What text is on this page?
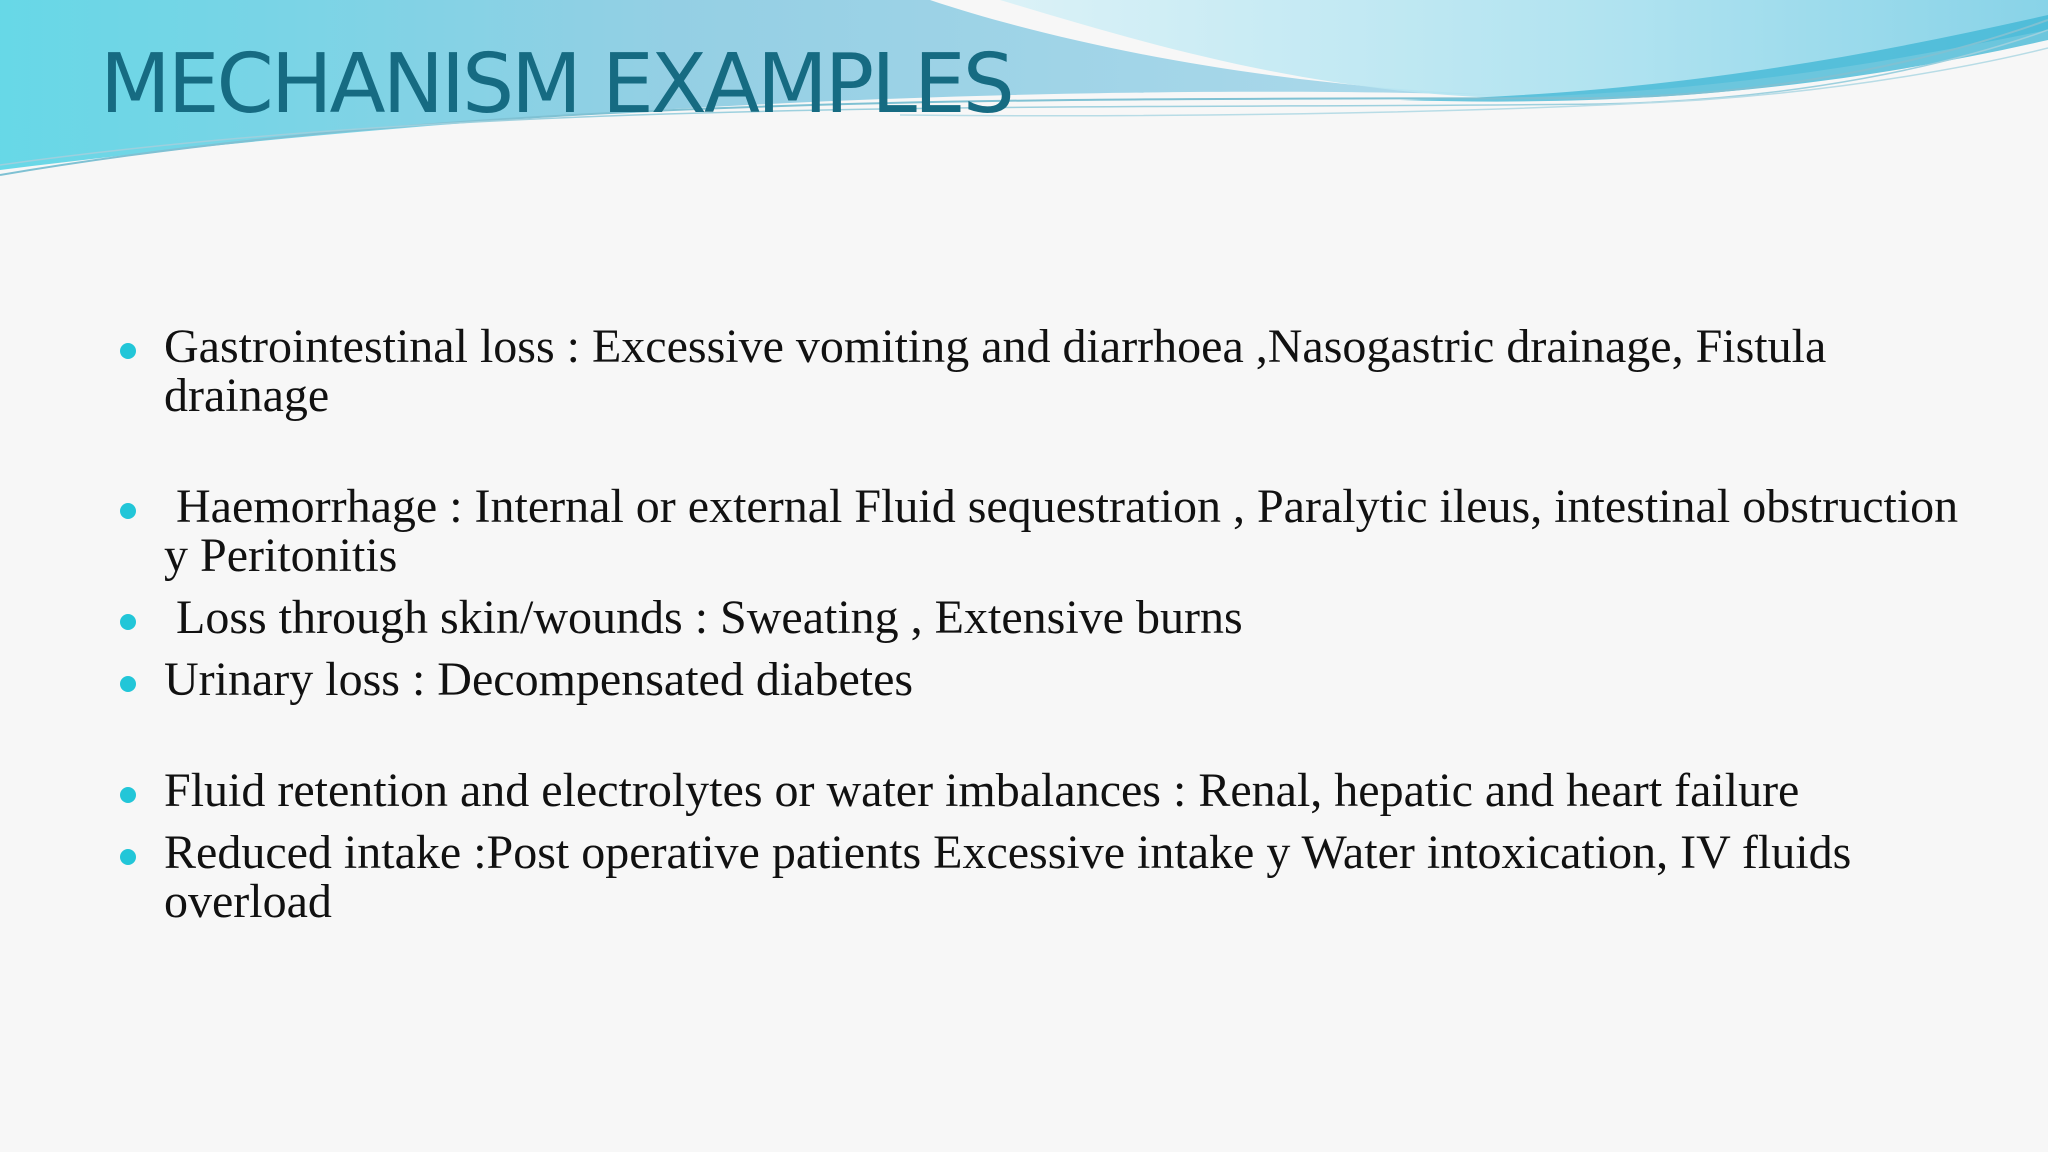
MECHANISM EXAMPLES
Gastrointestinal loss : Excessive vomiting and diarrhoea ,Nasogastric drainage, Fistula drainage
Haemorrhage : Internal or external Fluid sequestration , Paralytic ileus, intestinal obstruction y Peritonitis
Loss through skin/wounds : Sweating , Extensive burns
Urinary loss : Decompensated diabetes
Fluid retention and electrolytes or water imbalances : Renal, hepatic and heart failure
Reduced intake :Post operative patients Excessive intake y Water intoxication, IV fluids  overload
